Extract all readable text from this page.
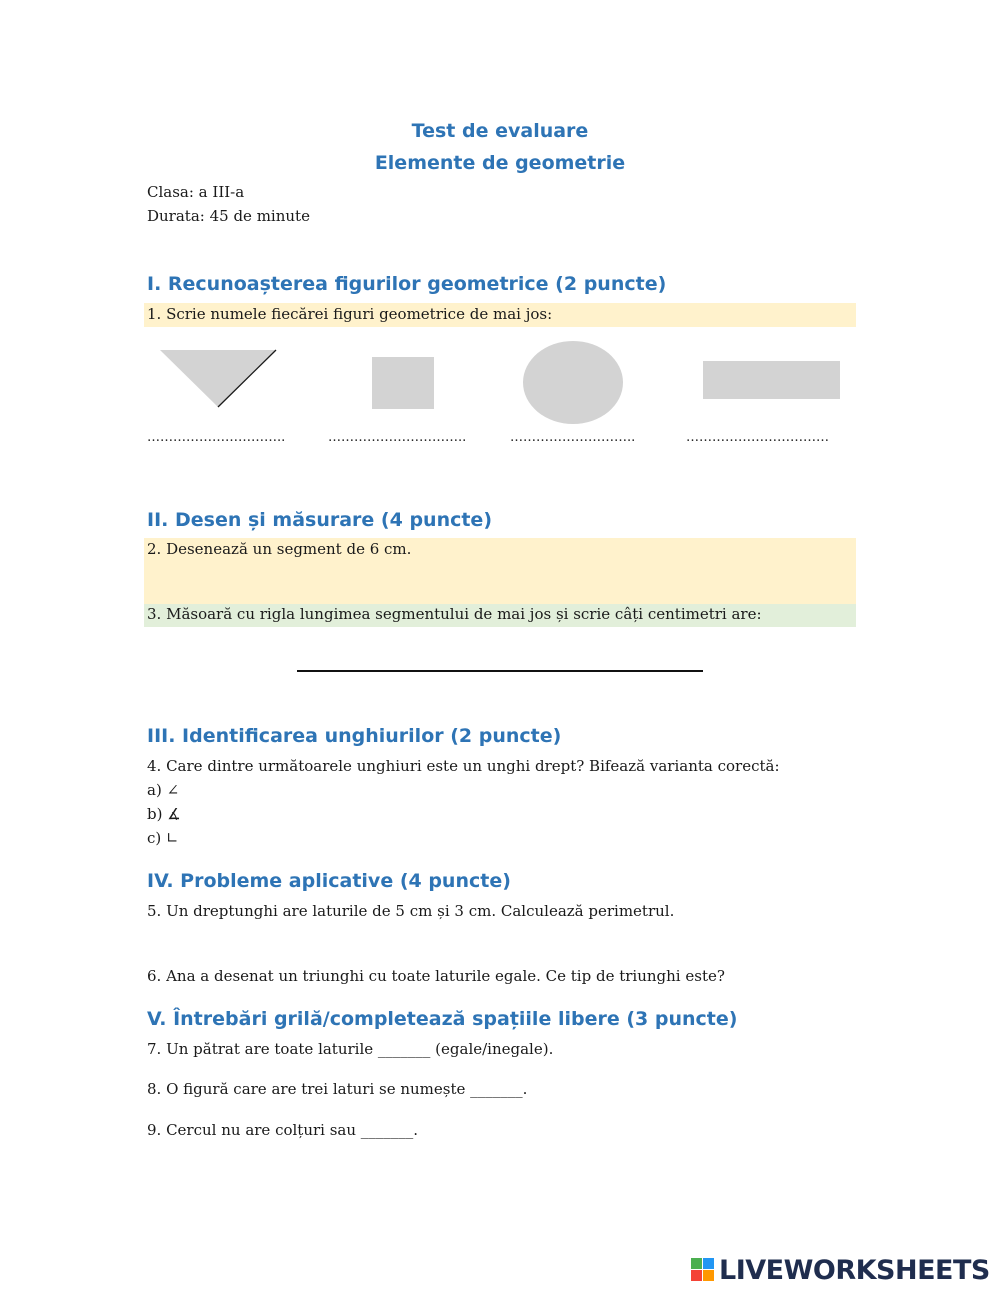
Test de evaluare
Elemente de geometrie
Clasa: a III-a
Durata: 45 de minute
I. Recunoașterea figurilor geometrice (2 puncte)
1. Scrie numele fiecărei figuri geometrice de mai jos:
…………………………..	…………………………..	………………………..	……………………………
II. Desen și măsurare (4 puncte)
2. Desenează un segment de 6 cm.
3. Măsoară cu rigla lungimea segmentului de mai jos și scrie câți centimetri are:
III. Identificarea unghiurilor (2 puncte)
4. Care dintre următoarele unghiuri este un unghi drept? Bifează varianta corectă:
a) ∠
b) ∡
c) ∟
IV. Probleme aplicative (4 puncte)
5. Un dreptunghi are laturile de 5 cm și 3 cm. Calculează perimetrul.
6. Ana a desenat un triunghi cu toate laturile egale. Ce tip de triunghi este?
V. Întrebări grilă/completează spațiile libere (3 puncte)
7. Un pătrat are toate laturile _______ (egale/inegale).
8. O figură care are trei laturi se numește _______.
9. Cercul nu are colțuri sau _______.
LIVEWORKSHEETS
